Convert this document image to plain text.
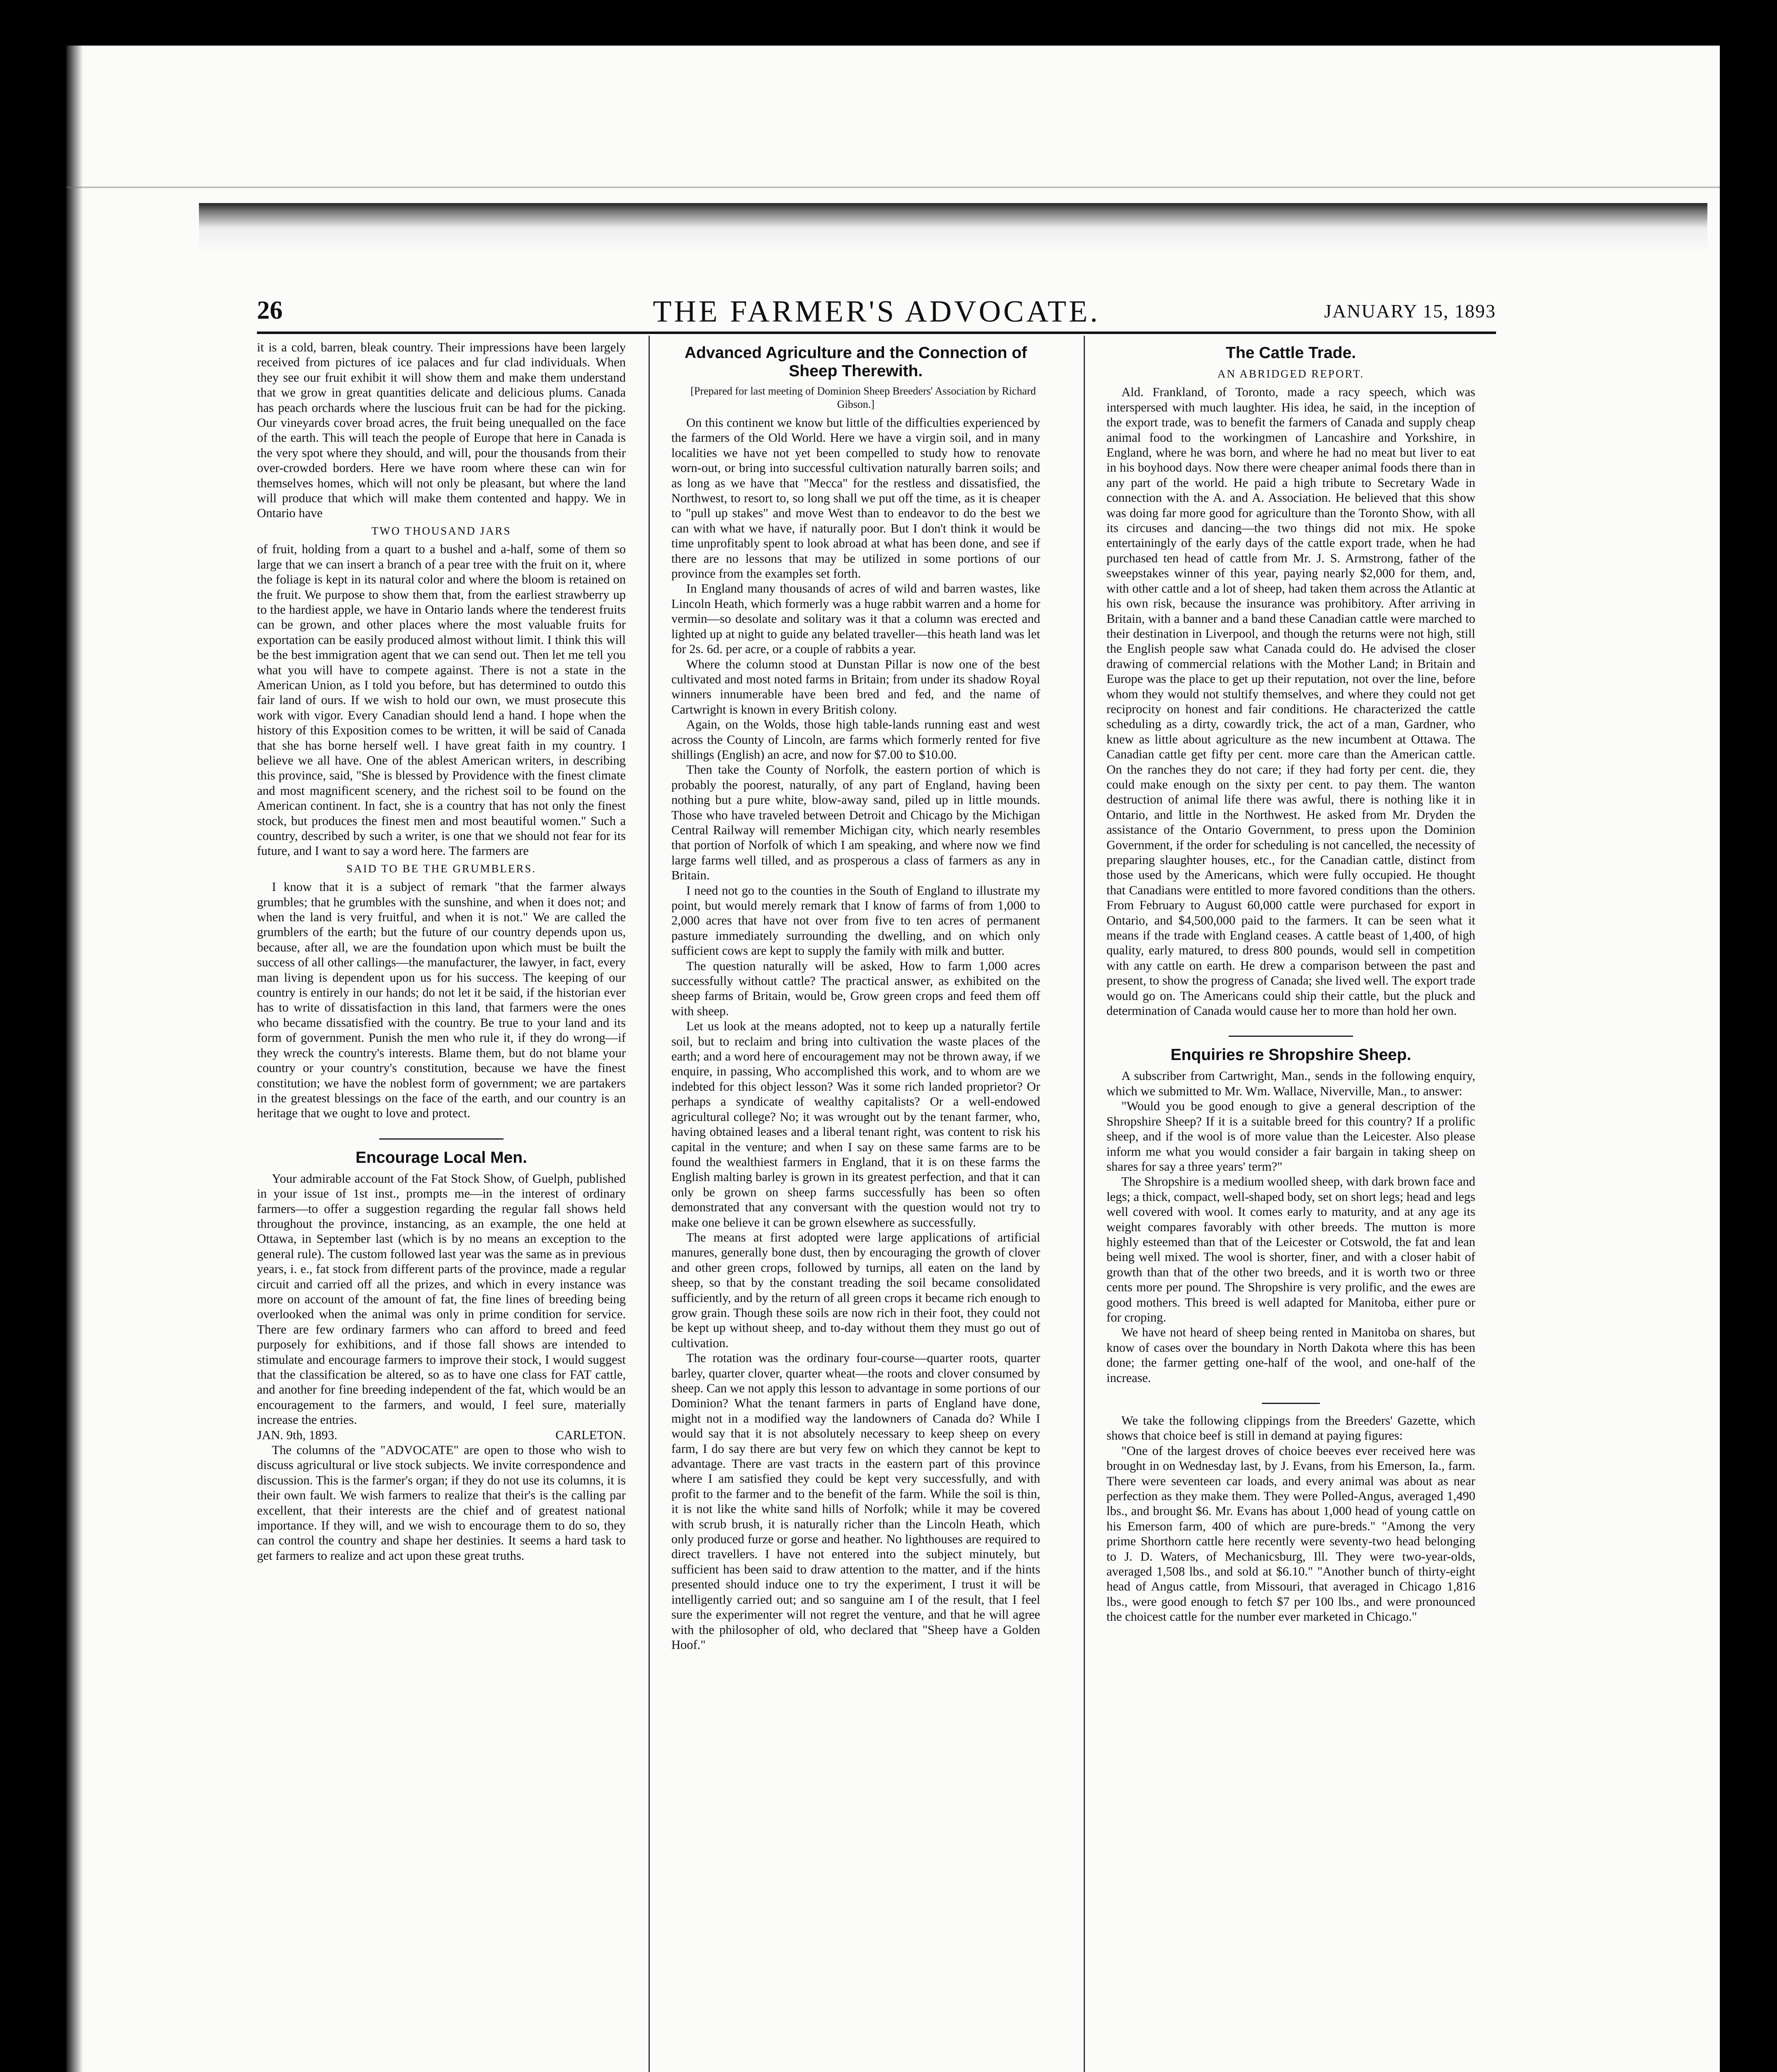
26	THE FARMER'S ADVOCATE.	JANUARY 15, 1893

it is a cold, barren, bleak country. Their impressions have been largely received from pictures of ice palaces and fur clad individuals. When they see our fruit exhibit it will show them and make them understand that we grow in great quantities delicate and delicious plums. Canada has peach orchards where the luscious fruit can be had for the picking. Our vineyards cover broad acres, the fruit being unequalled on the face of the earth. This will teach the people of Europe that here in Canada is the very spot where they should, and will, pour the thousands from their over-crowded borders. Here we have room where these can win for themselves homes, which will not only be pleasant, but where the land will produce that which will make them contented and happy. We in Ontario have

TWO THOUSAND JARS

of fruit, holding from a quart to a bushel and a-half, some of them so large that we can insert a branch of a pear tree with the fruit on it, where the foliage is kept in its natural color and where the bloom is retained on the fruit. We purpose to show them that, from the earliest strawberry up to the hardiest apple, we have in Ontario lands where the tenderest fruits can be grown, and other places where the most valuable fruits for exportation can be easily produced almost without limit. I think this will be the best immigration agent that we can send out. Then let me tell you what you will have to compete against. There is not a state in the American Union, as I told you before, but has determined to outdo this fair land of ours. If we wish to hold our own, we must prosecute this work with vigor. Every Canadian should lend a hand. I hope when the history of this Exposition comes to be written, it will be said of Canada that she has borne herself well. I have great faith in my country. I believe we all have. One of the ablest American writers, in describing this province, said, "She is blessed by Providence with the finest climate and most magnificent scenery, and the richest soil to be found on the American continent. In fact, she is a country that has not only the finest stock, but produces the finest men and most beautiful women." Such a country, described by such a writer, is one that we should not fear for its future, and I want to say a word here. The farmers are

SAID TO BE THE GRUMBLERS.

I know that it is a subject of remark "that the farmer always grumbles; that he grumbles with the sunshine, and when it does not; and when the land is very fruitful, and when it is not." We are called the grumblers of the earth; but the future of our country depends upon us, because, after all, we are the foundation upon which must be built the success of all other callings—the manufacturer, the lawyer, in fact, every man living is dependent upon us for his success. The keeping of our country is entirely in our hands; do not let it be said, if the historian ever has to write of dissatisfaction in this land, that farmers were the ones who became dissatisfied with the country. Be true to your land and its form of government. Punish the men who rule it, if they do wrong—if they wreck the country's interests. Blame them, but do not blame your country or your country's constitution, because we have the finest constitution; we have the noblest form of government; we are partakers in the greatest blessings on the face of the earth, and our country is an heritage that we ought to love and protect.

Encourage Local Men.

Your admirable account of the Fat Stock Show, of Guelph, published in your issue of 1st inst., prompts me—in the interest of ordinary farmers—to offer a suggestion regarding the regular fall shows held throughout the province, instancing, as an example, the one held at Ottawa, in September last (which is by no means an exception to the general rule). The custom followed last year was the same as in previous years, i. e., fat stock from different parts of the province, made a regular circuit and carried off all the prizes, and which in every instance was more on account of the amount of fat, the fine lines of breeding being overlooked when the animal was only in prime condition for service. There are few ordinary farmers who can afford to breed and feed purposely for exhibitions, and if those fall shows are intended to stimulate and encourage farmers to improve their stock, I would suggest that the classification be altered, so as to have one class for FAT cattle, and another for fine breeding independent of the fat, which would be an encouragement to the farmers, and would, I feel sure, materially increase the entries.

JAN. 9th, 1893.	CARLETON.

The columns of the "ADVOCATE" are open to those who wish to discuss agricultural or live stock subjects. We invite correspondence and discussion. This is the farmer's organ; if they do not use its columns, it is their own fault. We wish farmers to realize that their's is the calling par excellent, that their interests are the chief and of greatest national importance. If they will, and we wish to encourage them to do so, they can control the country and shape her destinies. It seems a hard task to get farmers to realize and act upon these great truths.

Advanced Agriculture and the Connection of Sheep Therewith.

[Prepared for last meeting of Dominion Sheep Breeders' Association by Richard Gibson.]

On this continent we know but little of the difficulties experienced by the farmers of the Old World. Here we have a virgin soil, and in many localities we have not yet been compelled to study how to renovate worn-out, or bring into successful cultivation naturally barren soils; and as long as we have that "Mecca" for the restless and dissatisfied, the Northwest, to resort to, so long shall we put off the time, as it is cheaper to "pull up stakes" and move West than to endeavor to do the best we can with what we have, if naturally poor. But I don't think it would be time unprofitably spent to look abroad at what has been done, and see if there are no lessons that may be utilized in some portions of our province from the examples set forth.

In England many thousands of acres of wild and barren wastes, like Lincoln Heath, which formerly was a huge rabbit warren and a home for vermin—so desolate and solitary was it that a column was erected and lighted up at night to guide any belated traveller—this heath land was let for 2s. 6d. per acre, or a couple of rabbits a year.

Where the column stood at Dunstan Pillar is now one of the best cultivated and most noted farms in Britain; from under its shadow Royal winners innumerable have been bred and fed, and the name of Cartwright is known in every British colony.

Again, on the Wolds, those high table-lands running east and west across the County of Lincoln, are farms which formerly rented for five shillings (English) an acre, and now for $7.00 to $10.00.

Then take the County of Norfolk, the eastern portion of which is probably the poorest, naturally, of any part of England, having been nothing but a pure white, blow-away sand, piled up in little mounds. Those who have traveled between Detroit and Chicago by the Michigan Central Railway will remember Michigan city, which nearly resembles that portion of Norfolk of which I am speaking, and where now we find large farms well tilled, and as prosperous a class of farmers as any in Britain.

I need not go to the counties in the South of England to illustrate my point, but would merely remark that I know of farms of from 1,000 to 2,000 acres that have not over from five to ten acres of permanent pasture immediately surrounding the dwelling, and on which only sufficient cows are kept to supply the family with milk and butter.

The question naturally will be asked, How to farm 1,000 acres successfully without cattle? The practical answer, as exhibited on the sheep farms of Britain, would be, Grow green crops and feed them off with sheep.

Let us look at the means adopted, not to keep up a naturally fertile soil, but to reclaim and bring into cultivation the waste places of the earth; and a word here of encouragement may not be thrown away, if we enquire, in passing, Who accomplished this work, and to whom are we indebted for this object lesson? Was it some rich landed proprietor? Or perhaps a syndicate of wealthy capitalists? Or a well-endowed agricultural college? No; it was wrought out by the tenant farmer, who, having obtained leases and a liberal tenant right, was content to risk his capital in the venture; and when I say on these same farms are to be found the wealthiest farmers in England, that it is on these farms the English malting barley is grown in its greatest perfection, and that it can only be grown on sheep farms successfully has been so often demonstrated that any conversant with the question would not try to make one believe it can be grown elsewhere as successfully.

The means at first adopted were large applications of artificial manures, generally bone dust, then by encouraging the growth of clover and other green crops, followed by turnips, all eaten on the land by sheep, so that by the constant treading the soil became consolidated sufficiently, and by the return of all green crops it became rich enough to grow grain. Though these soils are now rich in their foot, they could not be kept up without sheep, and to-day without them they must go out of cultivation.

The rotation was the ordinary four-course—quarter roots, quarter barley, quarter clover, quarter wheat—the roots and clover consumed by sheep. Can we not apply this lesson to advantage in some portions of our Dominion? What the tenant farmers in parts of England have done, might not in a modified way the landowners of Canada do? While I would say that it is not absolutely necessary to keep sheep on every farm, I do say there are but very few on which they cannot be kept to advantage. There are vast tracts in the eastern part of this province where I am satisfied they could be kept very successfully, and with profit to the farmer and to the benefit of the farm. While the soil is thin, it is not like the white sand hills of Norfolk; while it may be covered with scrub brush, it is naturally richer than the Lincoln Heath, which only produced furze or gorse and heather. No lighthouses are required to direct travellers. I have not entered into the subject minutely, but sufficient has been said to draw attention to the matter, and if the hints presented should induce one to try the experiment, I trust it will be intelligently carried out; and so sanguine am I of the result, that I feel sure the experimenter will not regret the venture, and that he will agree with the philosopher of old, who declared that "Sheep have a Golden Hoof."

The Cattle Trade.
AN ABRIDGED REPORT.

Ald. Frankland, of Toronto, made a racy speech, which was interspersed with much laughter. His idea, he said, in the inception of the export trade, was to benefit the farmers of Canada and supply cheap animal food to the workingmen of Lancashire and Yorkshire, in England, where he was born, and where he had no meat but liver to eat in his boyhood days. Now there were cheaper animal foods there than in any part of the world. He paid a high tribute to Secretary Wade in connection with the A. and A. Association. He believed that this show was doing far more good for agriculture than the Toronto Show, with all its circuses and dancing—the two things did not mix. He spoke entertainingly of the early days of the cattle export trade, when he had purchased ten head of cattle from Mr. J. S. Armstrong, father of the sweepstakes winner of this year, paying nearly $2,000 for them, and, with other cattle and a lot of sheep, had taken them across the Atlantic at his own risk, because the insurance was prohibitory. After arriving in Britain, with a banner and a band these Canadian cattle were marched to their destination in Liverpool, and though the returns were not high, still the English people saw what Canada could do. He advised the closer drawing of commercial relations with the Mother Land; in Britain and Europe was the place to get up their reputation, not over the line, before whom they would not stultify themselves, and where they could not get reciprocity on honest and fair conditions. He characterized the cattle scheduling as a dirty, cowardly trick, the act of a man, Gardner, who knew as little about agriculture as the new incumbent at Ottawa. The Canadian cattle get fifty per cent. more care than the American cattle. On the ranches they do not care; if they had forty per cent. die, they could make enough on the sixty per cent. to pay them. The wanton destruction of animal life there was awful, there is nothing like it in Ontario, and little in the Northwest. He asked from Mr. Dryden the assistance of the Ontario Government, to press upon the Dominion Government, if the order for scheduling is not cancelled, the necessity of preparing slaughter houses, etc., for the Canadian cattle, distinct from those used by the Americans, which were fully occupied. He thought that Canadians were entitled to more favored conditions than the others. From February to August 60,000 cattle were purchased for export in Ontario, and $4,500,000 paid to the farmers. It can be seen what it means if the trade with England ceases. A cattle beast of 1,400, of high quality, early matured, to dress 800 pounds, would sell in competition with any cattle on earth. He drew a comparison between the past and present, to show the progress of Canada; she lived well. The export trade would go on. The Americans could ship their cattle, but the pluck and determination of Canada would cause her to more than hold her own.

Enquiries re Shropshire Sheep.

A subscriber from Cartwright, Man., sends in the following enquiry, which we submitted to Mr. Wm. Wallace, Niverville, Man., to answer:

"Would you be good enough to give a general description of the Shropshire Sheep? If it is a suitable breed for this country? If a prolific sheep, and if the wool is of more value than the Leicester. Also please inform me what you would consider a fair bargain in taking sheep on shares for say a three years' term?"

The Shropshire is a medium woolled sheep, with dark brown face and legs; a thick, compact, well-shaped body, set on short legs; head and legs well covered with wool. It comes early to maturity, and at any age its weight compares favorably with other breeds. The mutton is more highly esteemed than that of the Leicester or Cotswold, the fat and lean being well mixed. The wool is shorter, finer, and with a closer habit of growth than that of the other two breeds, and it is worth two or three cents more per pound. The Shropshire is very prolific, and the ewes are good mothers. This breed is well adapted for Manitoba, either pure or for croping.

We have not heard of sheep being rented in Manitoba on shares, but know of cases over the boundary in North Dakota where this has been done; the farmer getting one-half of the wool, and one-half of the increase.

We take the following clippings from the Breeders' Gazette, which shows that choice beef is still in demand at paying figures:

"One of the largest droves of choice beeves ever received here was brought in on Wednesday last, by J. Evans, from his Emerson, Ia., farm. There were seventeen car loads, and every animal was about as near perfection as they make them. They were Polled-Angus, averaged 1,490 lbs., and brought $6. Mr. Evans has about 1,000 head of young cattle on his Emerson farm, 400 of which are pure-breds." "Among the very prime Shorthorn cattle here recently were seventy-two head belonging to J. D. Waters, of Mechanicsburg, Ill. They were two-year-olds, averaged 1,508 lbs., and sold at $6.10." "Another bunch of thirty-eight head of Angus cattle, from Missouri, that averaged in Chicago 1,816 lbs., were good enough to fetch $7 per 100 lbs., and were pronounced the choicest cattle for the number ever marketed in Chicago."
